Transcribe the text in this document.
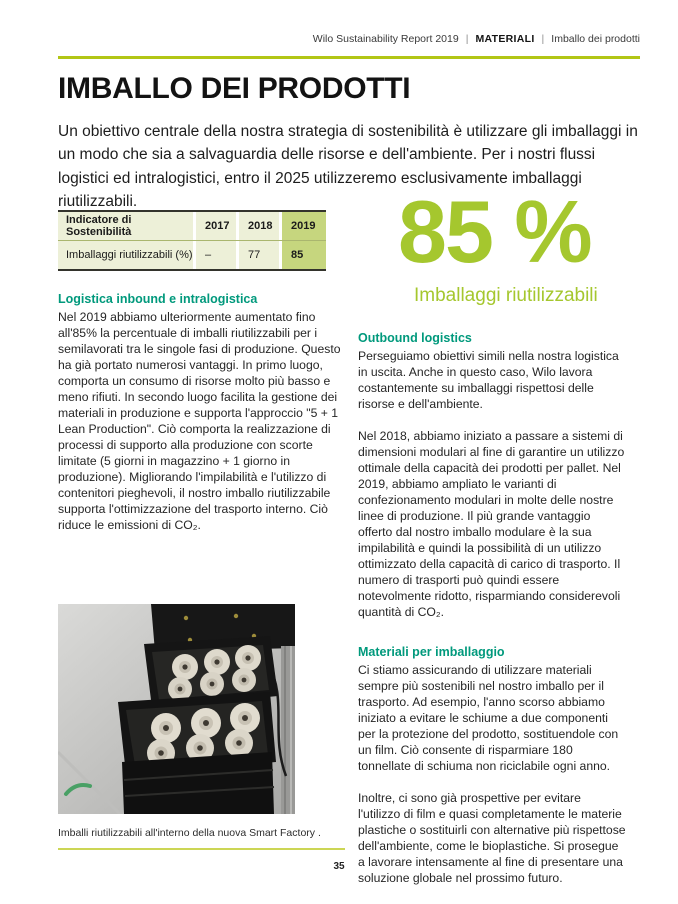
Wilo Sustainability Report 2019 | MATERIALI | Imballo dei prodotti
IMBALLO DEI PRODOTTI

Un obiettivo centrale della nostra strategia di sostenibilità è utilizzare gli imballaggi in un modo che sia a salvaguardia delle risorse e dell'ambiente. Per i nostri flussi logistici ed intralogistici, entro il 2025 utilizzeremo esclusivamente imballaggi riutilizzabili.

Indicatore di Sostenibilità	2017	2018	2019
Imballaggi riutilizzabili (%)	–	77	85
Logistica inbound e intralogistica

Nel 2019 abbiamo ulteriormente aumentato fino all'85% la percentuale di imballi riutilizzabili per i semilavorati tra le singole fasi di produzione. Questo ha già portato numerosi vantaggi. In primo luogo, comporta un consumo di risorse molto più basso e meno rifiuti. In secondo luogo facilita la gestione dei materiali in produzione e supporta l'approccio "5 + 1 Lean Production". Ciò comporta la realizzazione di processi di supporto alla produzione con scorte limitate (5 giorni in magazzino + 1 giorno in produzione). Migliorando l'impilabilità e l'utilizzo di contenitori pieghevoli, il nostro imballo riutilizzabile supporta l'ottimizzazione del trasporto interno. Ciò riduce le emissioni di CO₂.

Imballi riutilizzabili all'interno della nuova Smart Factory .
85 %
Imballaggi riutilizzabili
Outbound logistics

Perseguiamo obiettivi simili nella nostra logistica in uscita. Anche in questo caso, Wilo lavora costantemente su imballaggi rispettosi delle risorse e dell'ambiente.

Nel 2018, abbiamo iniziato a passare a sistemi di dimensioni modulari al fine di garantire un utilizzo ottimale della capacità dei prodotti per pallet. Nel 2019, abbiamo ampliato le varianti di confezionamento modulari in molte delle nostre linee di produzione. Il più grande vantaggio offerto dal nostro imballo modulare è la sua impilabilità e quindi la possibilità di un utilizzo ottimizzato della capacità di carico di trasporto. Il numero di trasporti può quindi essere notevolmente ridotto, risparmiando considerevoli quantità di CO₂.

Materiali per imballaggio

Ci stiamo assicurando di utilizzare materiali sempre più sostenibili nel nostro imballo per il trasporto. Ad esempio, l'anno scorso abbiamo iniziato a evitare le schiume a due componenti per la protezione del prodotto, sostituendole con un film. Ciò consente di risparmiare 180 tonnellate di schiuma non riciclabile ogni anno.

Inoltre, ci sono già prospettive per evitare l'utilizzo di film e quasi completamente le materie plastiche o sostituirli con alternative più rispettose dell'ambiente, come le bioplastiche. Si prosegue a lavorare intensamente al fine di presentare una soluzione globale nel prossimo futuro.

35
